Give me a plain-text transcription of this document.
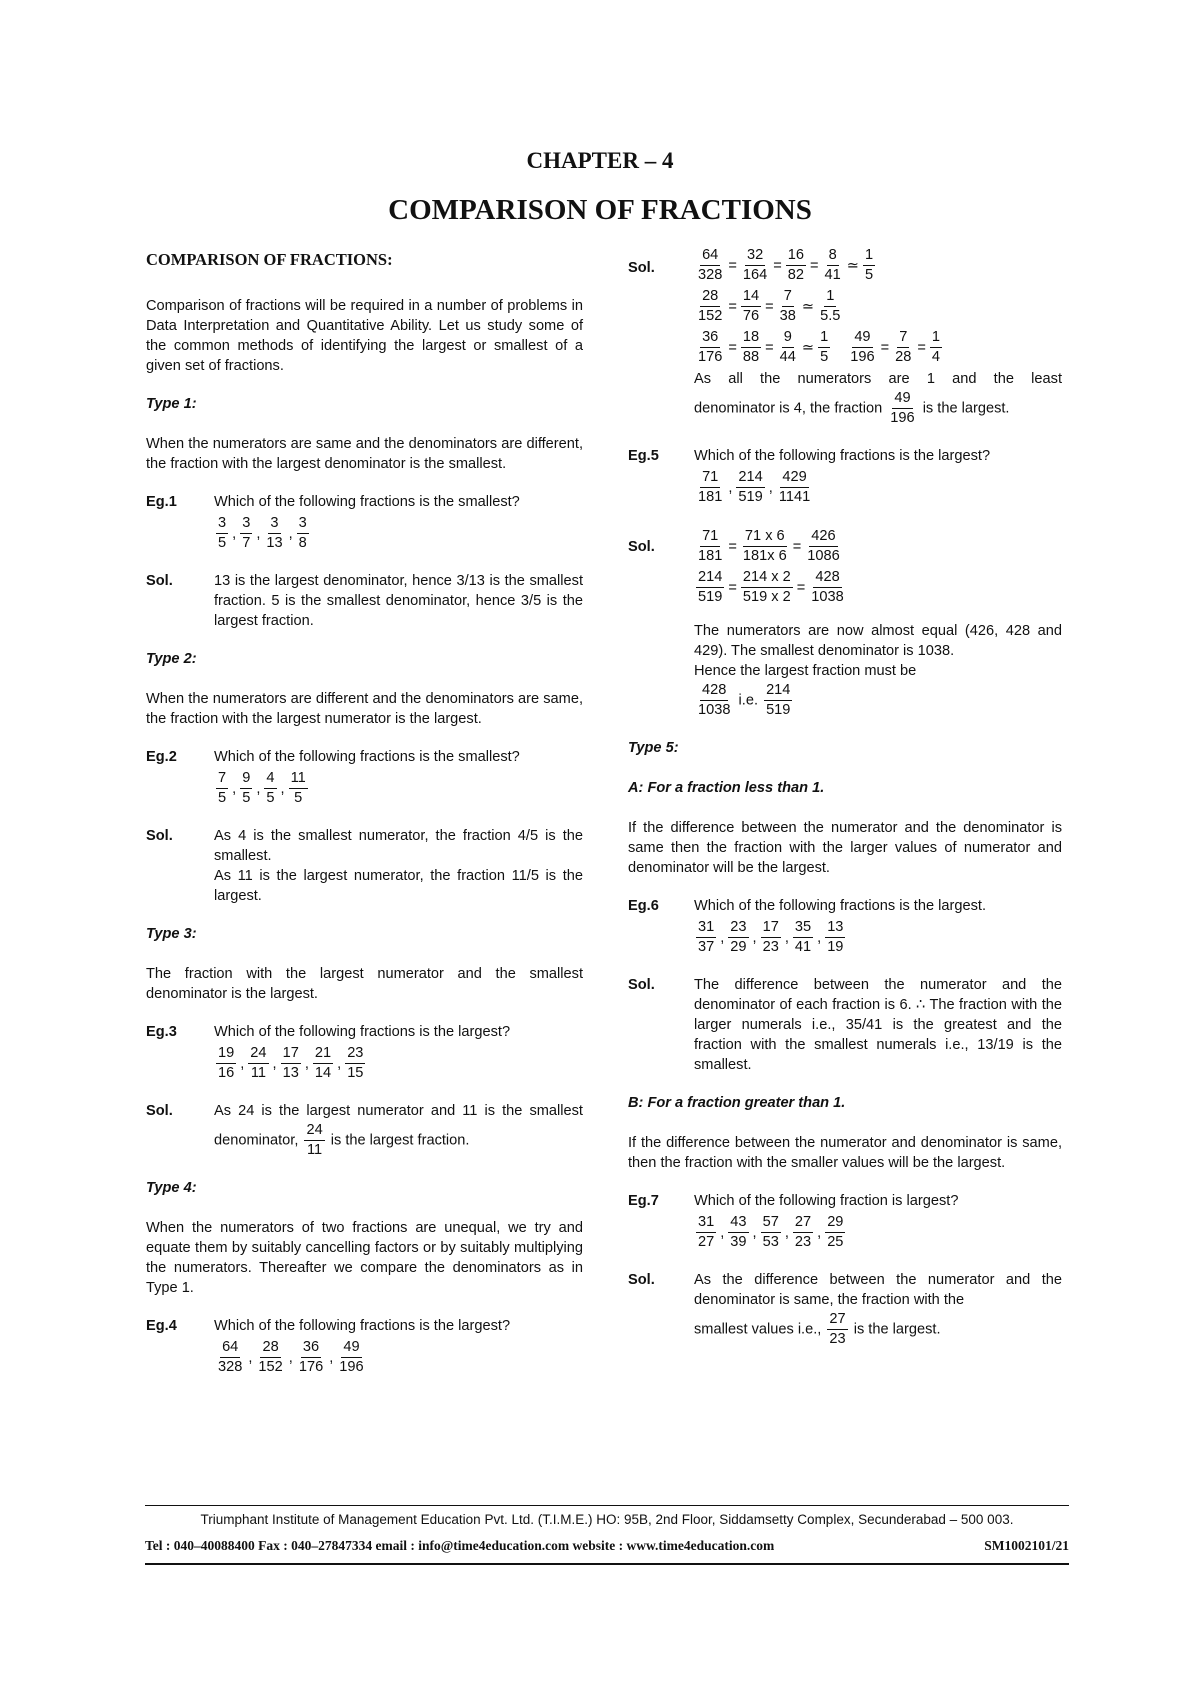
CHAPTER – 4
COMPARISON OF FRACTIONS
COMPARISON OF FRACTIONS:
Comparison of fractions will be required in a number of problems in Data Interpretation and Quantitative Ability. Let us study some of the common methods of identifying the largest or smallest of a given set of fractions.
Type 1:
When the numerators are same and the denominators are different, the fraction with the largest denominator is the smallest.
Eg.1	Which of the following fractions is the smallest?
$\frac{3}{5}$ , $\frac{3}{7}$ , $\frac{3}{13}$ , $\frac{3}{8}$
Sol.	13 is the largest denominator, hence 3/13 is the smallest fraction. 5 is the smallest denominator, hence 3/5 is the largest fraction.
Type 2:
When the numerators are different and the denominators are same, the fraction with the largest numerator is the largest.
Eg.2	Which of the following fractions is the smallest?
$\frac{7}{5}$ , $\frac{9}{5}$ , $\frac{4}{5}$ , $\frac{11}{5}$
Sol.	As 4 is the smallest numerator, the fraction 4/5 is the smallest.
As 11 is the largest numerator, the fraction 11/5 is the largest.
Type 3:
The fraction with the largest numerator and the smallest denominator is the largest.
Eg.3	Which of the following fractions is the largest?
$\frac{19}{16}$ , $\frac{24}{11}$ , $\frac{17}{13}$ , $\frac{21}{14}$ , $\frac{23}{15}$
Sol.	As 24 is the largest numerator and 11 is the smallest denominator, $\frac{24}{11}$ is the largest fraction.
Type 4:
When the numerators of two fractions are unequal, we try and equate them by suitably cancelling factors or by suitably multiplying the numerators. Thereafter we compare the denominators as in Type 1.
Eg.4	Which of the following fractions is the largest?
$\frac{64}{328}$ , $\frac{28}{152}$ , $\frac{36}{176}$ , $\frac{49}{196}$
Sol.	$\frac{64}{328} = \frac{32}{164} = \frac{16}{82} = \frac{8}{41}$ ≃ $\frac{1}{5}$
$\frac{28}{152} = \frac{14}{76} = \frac{7}{38}$ ≃ $\frac{1}{5.5}$
$\frac{36}{176} = \frac{18}{88} = \frac{9}{44}$ ≃ $\frac{1}{5} \frac{49}{196} = \frac{7}{28} = \frac{1}{4}$
As all the numerators are 1 and the least
denominator is 4, the fraction $\frac{49}{196}$ is the largest.
Eg.5	Which of the following fractions is the largest?
$\frac{71}{181}$ , $\frac{214}{519}$ , $\frac{429}{1141}$
Sol.	$\frac{71}{181} = \frac{71 x 6}{181x 6} = \frac{426}{1086}$
$\frac{214}{519} = \frac{214 x 2}{519 x 2} = \frac{428}{1038}$
The numerators are now almost equal (426, 428 and 429). The smallest denominator is 1038.
Hence the largest fraction must be
$\frac{428}{1038} i.e$. $\frac{214}{519}$
Type 5:
A: For a fraction less than 1.
If the difference between the numerator and the denominator is same then the fraction with the larger values of numerator and denominator will be the largest.
Eg.6	Which of the following fractions is the largest.
$\frac{31}{37}$ , $\frac{23}{29}$ , $\frac{17}{23}$ , $\frac{35}{41}$ , $\frac{13}{19}$
Sol.	The difference between the numerator and the denominator of each fraction is 6. ∴ The fraction with the larger numerals i.e., 35/41 is the greatest and the fraction with the smallest numerals i.e., 13/19 is the smallest.
B: For a fraction greater than 1.
If the difference between the numerator and denominator is same, then the fraction with the smaller values will be the largest.
Eg.7	Which of the following fraction is largest?
$\frac{31}{27}$ , $\frac{43}{39}$ , $\frac{57}{53}$ , $\frac{27}{23}$ , $\frac{29}{25}$
Sol.	As the difference between the numerator and the denominator is same, the fraction with the
smallest values i.e., $\frac{27}{23}$ is the largest.
Triumphant Institute of Management Education Pvt. Ltd. (T.I.M.E.) HO: 95B, 2nd Floor, Siddamsetty Complex, Secunderabad – 500 003.
Tel : 040–40088400 Fax : 040–27847334 email : info@time4education.com website : www.time4education.com	SM1002101/21
